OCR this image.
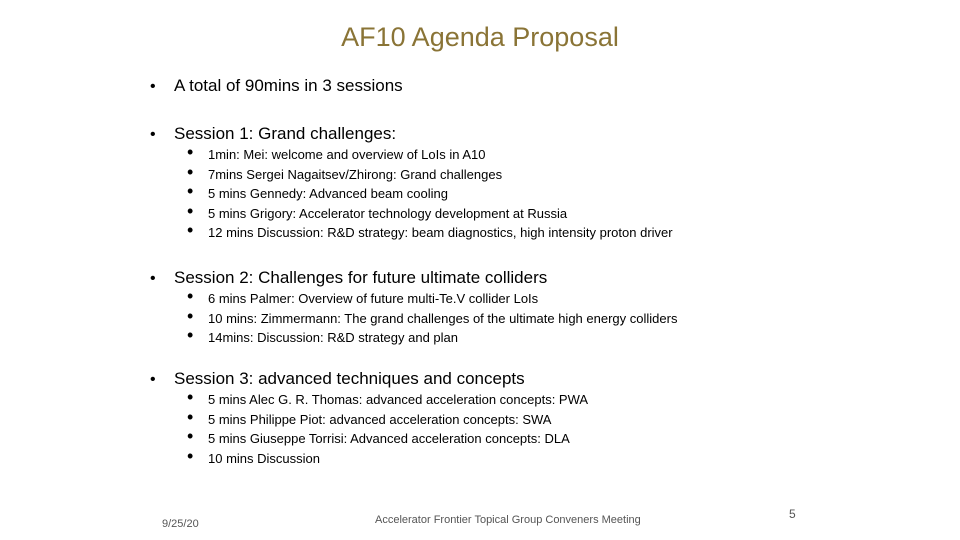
AF10 Agenda Proposal
• A total of 90mins in 3 sessions
• Session 1: Grand challenges:
• 1min: Mei: welcome and overview of LoIs in A10
• 7mins Sergei Nagaitsev/Zhirong: Grand challenges
• 5 mins Gennedy: Advanced beam cooling
• 5 mins Grigory: Accelerator technology development at Russia
• 12 mins Discussion: R&D strategy: beam diagnostics, high intensity proton driver
• Session 2: Challenges for future ultimate colliders
• 6 mins Palmer: Overview of future multi-Te.V collider LoIs
• 10 mins: Zimmermann: The grand challenges of the ultimate high energy colliders
• 14mins: Discussion: R&D strategy and plan
• Session 3: advanced techniques and concepts
• 5 mins Alec G. R. Thomas: advanced acceleration concepts: PWA
• 5 mins Philippe Piot: advanced acceleration concepts: SWA
• 5 mins Giuseppe Torrisi: Advanced acceleration concepts: DLA
• 10 mins Discussion
9/25/20	Accelerator Frontier Topical Group Conveners Meeting	5
